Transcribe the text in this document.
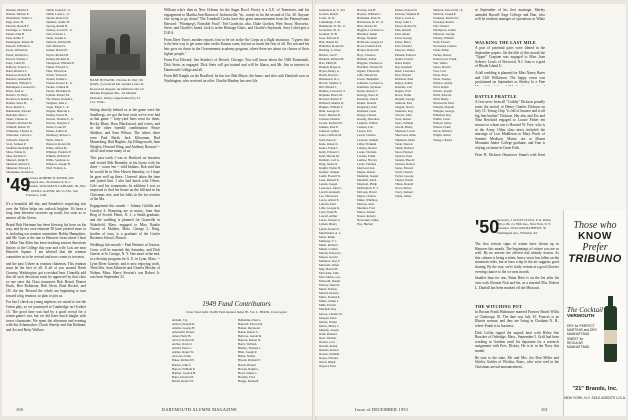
Nieman, Martin S.
Ransen, Herbert E.
Oberleitner, Walter J.
Page, Peter H.
Parsons, Russell F.
Partridge, C. Warren
Patten, John H.
Paul, Arthur F.
Pennington, Robert H.
Petzold, William G.
Poole, William R.
Porter, Richard G.
Powell, Stanley J.
Pretz, Curtis H.
Rafferty, Francis J.
Rand, Richard S.
Rateaver, Robert B.
Reichert, Kenneth E.
Reinhard, William T.
Remington, Leonard D.
Ritter, John A.
Roberts, W. Hoyt
Rockwood, Robert A.
Rollins, Peter H.
Ross, Robert L.
Rubenstein, Edward
Rudolph, Max C.
Sands, Charles A.
Schaefer, Richard M.
Schmidt, Robert W.
Schneider, Charles G.
Schroeder, Carlton J.
Schwartz, Peter H.
Scott, Samuel P.
Seidman, Rudolph M.
Shaw, Walter D.
Shea, Richard C.
Shepard, Ralph E.
Sherman, Robert F.
Shipman, Edward L.
Shoemaker, Roland A.
Smith, Joseph F., Jr.
Smith, Louis C., Jr.
Snyder, Robert W.
Spindler, Arthur H.
Sprong, Rollin H.
Stanley, Lovell E., Jr.
Starr, Edward J.
Stone, Joseph A.
Sullivan, Richard B.
Taft, Michael S.
Tanner, Harold E.
Taylor, Richard B.
Tenney, Richard R.
Thompson, William B.
Tinker, Edward S.
Titus, Edward A.
Tollett, Warren F.
Tondel, Daniel L.
Trainer, Robert E., Jr.
Tucker, Clinton B.
Turner, Mortimer R.
Upham, Robert M.
Van Dusen, Donald L.
Vaughan, John C.
Vogel, Edgar J., Jr.
Wagner, Bertram L.
Walker, David H.
Warren, Thomas F., Jr.
Watson, Douglas T.
Weber, Louis H.
Weeks, Arthur R.
Weinberg, Robert L.
Wells, John F.
Westcott, Robert M.
White, Alfred M.
Whitney, Frederic P.
Wilkins, Richard P.
Willis, Seymour A.
Winslow, Joseph H.
Wolf, Stanley A.
'49
Secretary, ROBERT H. ZEISER, 630 Arlington Ave., Providence 8, R. I.
Treasurer, WILLIAM H. LAPRADE, JR., Box 27, 10th R.C.A.AFSD, 4th c/o F.M., San Francisco, Calif.
It's a beautiful fall day, and Saunders's surprising win over the Yalies helps our outlook brighter. It's been a long time between victories up north, but soon as to answer all the Green.
Brutal Bob Hartman has been blowing his horn on his way, and by my own estimate I'll have pitched more to it, including our reunion committee, Bobby Hampshire, and Mr. Gaas is the one to Hanover from where I hear it. Mike Van Allen has been teaching eastern American history at the College this year and wife Lois are near Hanover Square. I am advised that the reunion committee as to be revised and now comes to ten men.
and the past 3 three as reunion chairman. This reunion must be the best of all. If all of you around North Country, Washington, got a residual hear, I handily add this all such devotions must be approved by that class or one rates the Class treasurers Bob Heard, Homer Hook, Bert Robinson, Bob Alvin, Brad Rockel, and J.B. the ten. Reward the whole are beginning to turn toward a big reunion, so plan to join us.
For last I check on young nephews we raised to see the Green play, so we journeyed to Cambridge on October 13. The good time was had by a good crowd for a return game's not, but we did have much laughs with tower classmates. We spent the afternoon and evening with Stu Schumacher, Chuck Sheedy and Sue Redman, and Art and Betty Wallace.
BASE IN BANK: Charles D. Day '49 (DAY, c) received his captain's bars in Korea last August. At behind is the 1st Marine Engineer Bn., 1st Marine Division, being congratulated by Lt. Col. Wilk...
Sitting directly behind us at the game were the Sandbergs, we got the best seats we've ever had at that game -- forty-yard lines went for them: Rocky Blaze, Ross Blackwood, and wives; and in the other friendly combination: Bruce Sleddon, and Sam Wilson. The others there were Paul Barth, Jack Kilroanan, Bud Mannsberg, Bud Hughes, Jay Ellingsworth, Sam Wrigley, Howard Wing, and Anthony Rousuel -- all off and some many of us.
This past week I was in Hartford on business and visited Bob Barnathy at his house with his three -- count 'em -- wild Indians. Bob said that he would be in New Haven Saturday, so I hope he goes well up there. I haven't taken the time and joined him. I also had lunch with Oliver, Cole and his roommates. In addition I was so surprised to find his house on the hill and in his Christmas tree, and his folks in the far reaches of the Ma.
Engagement this month -- Johnny Griffith and Carolyn S. Brauning are to marry. Joan Ann Berg of Scotch Plains, N. J., a Smith graduate, and the wedding is planned for Granville in Wakefield, Mass. engaged to Miss Natalie Vasant of Malden, Mass. George L. Berg, brother of ours, is a graduate of the Cooler Business School, Boston.
Weddings this month -- Paul Bertinie of Astoria, Conn. will be married this Saturday, and Dick Garrett at St. George, N. Y. One more at the end, to a divinity program for G. E. in Lynn, Mass. -- Lynn River Gazette, and is now enjoying work. Then Mrs. Jean Albrecht and Charles Mosley of Waban, Mass. Harry Stewart's son Robert Jr. was born September 23.
William who's then in New Orleans for the Sugar Bowl. Frosty is a G.E. of Tennessee, and his engagement to Martha Ann Burton of Jacksonville, Va., comes in for the second of Oct. 20. Anyone else trying to go down? The Trumbull Cooks have this great announcement from the Pennsylvania Harvard: "Winnipeg's Noteable Fruit". Ted Goodwin, also, Duke Gordon, Weir Snow, Horowitz, Steve, and Charlie's friend. Jack is in the Heritage Clinic, and Charlie's Saybrook. Jerry Lobel gets a D.B.A.
From Dave Tuyet, another reports, four to be set in the Air Corps as a flight instructor. "I guess this is the best way to get some time on the Kansas coast, but not so much the first of all. The son and his heir goes on down in the Governments academy program, where there are about six classes of their fighter people."
From Eva Edward, Jim Stanley's of Bristol, Chicago: You will know about the 1948 Dartmouth, Dick Stein, as engaged. Dick Stein will get trained and will be Ithaca, and Mr. Jim in interest in Dartmouth College and all.
From Bill Knight on his Bradford, he has two Bob Mayer, the home, and also with Danforth now in Washington, who received an offer. Charlie Mankey has new life.
1949 Fund Contributors
Class Total Gifts 16,465 Participation Index 85. Vol. L. HOOK, Class Agent
Abdaill, J.Q.
Abbott, Donald K.
Adams, George H.
Albertanti, Robert
Allen, Harry B.
Alvord, Robert B.
Archer, David J.
Arnold, Peter L.
Ashley, Roger W.
Atwood, Frank
Baker, Richard H.
Barnes, John T.
Barrett, William P.
Bartlett, Gordon H.
Bates, Donald M.
Beach, Robert W.
Ballantine, Paul L.
Banwell, Edward R.
Barker, Raymond
Baum, Robert C.
Bellows, Gerald D.
Benson, Robert D.
Berry, William
Bishop, Thomas J.
Blair, Joseph P.
Blake, Sidney
Bloom, Richard F.
Booth, Harold
Bowen, Ralph L.
Boyd, James C.
Bradley, Fred
Briggs, Kenneth
100	DARTMOUTH ALUMNI MAGAZINE
Gubbrand, R. T., 3rd
Gordon, Robert
Crane, W. D.
Cummings, T. M.
Hammond, W. M., Jr.
Grossman, M. Jr.
Gorman, W. B.
Goss, Edward P.
Hall, Daniel M.
Hamilton, Robert K.
Harding, A. Eben
Harlow, Joel F.
Harmon, Richard B.
Hart, Philip B.
Haskell, Roger A.
Hayes, Henry G.
Heath, David C.
Henderson, R. L.
Hewitt, Sumner S.
Hill, Harold J.
Holmes, Lawrence T.
Hopkins, Bruce M.
Howard, Robert E.
Hubbard, Martin W.
Hughes, William F.
Hunt, George D.
Irwin, Thomas R.
Jackson, Donald
Jacobs, Richard H.
Jenkins, Paul E.
Johnson, Arthur
Jones, Clifford M.
Judd, Peter K.
Kane, Robert L.
Keller, Frank J.
Kelly, Edward J.
Kent, Harold M.
Kimball, Carl A.
King, Stuart O.
Knight, Walter H.
Kramer, Samuel
Lamb, Everett W.
Lane, Russell P.
Larkin, Joseph
Lawrence, John C.
Leavitt, Kenneth
Lee, Sherwood
Lewis, Albert E.
Lincoln, Paul
Little, George R.
Lord, Frank B.
Lowell, Arthur
Lucas, Vernon G.
Lyman, Henry
Lynch, Robert F.
MacDonald, A. L.
Mack, Ralph
Mahoney, T. J.
Mann, Richard
Marsh, Carlton
Martin, Edward L.
Mason, Gerald
Mathews, Roy F.
Maxwell, James
May, Harold B.
McCarthy, John
McCormick, Leo
McGrath, Daniel
McKay, Duncan
Mead, Stanley
Merrill, Donald
Miles, Frederick
Miller, Arthur J.
Mills, Everett
Mitchell, Ray
Moore, Charles W.
Morgan, Peter
Morris, Walter
Morse, Henry L.
Murphy, Joseph
Nash, Richard
Neal, Thomas
Nelson, Carl
Newell, Arthur
Nichols, Robert
Norton, William
Noyes, Edward
Olson, Ralph
Osgood, Paul
Hawley, Jon B.
Haynes, William C.
Heitmann, Peter N.
Henderson, D. W., Jr.
Hess, Robert M.
Higgins, Lawrence G.
Hinckley, Ralph
Hodge, Stephen
Holbrook, George O.
Hood, Frederick M.
Horner, Robert B.
Hoyt, Clarence
Hubbell, Arthur
Huggins, Thomas G.
Hutchins, Warren H.
Ingalls, Edward R.
Jaffe, Harold M.
Jewett, Benjamin
Johnston, Leonard A.
Kaufman, Seymour
Keene, Robert C.
Kellogg, Peter D.
Kennedy, John F.
Kidder, Donald
Kingsbury, Paul
Kirkland, Gene
Knapp, Chester
Koenig, Theodore
Lambert, Wilbur
Landon, Carl
Larsen, Eric
Leach, Charles
Leonard, Samuel
Libby, Franklin
Lindsay, Robert
Locke, Norman
Loomis, Frank
Ludlow, Harvey
Lyons, Thomas
MacLeod, Ian
Magee, Robert
Manning, Joseph
Marshall, Allan
Maynard, Philip
McDermott, E. J.
McLean, David
Meyer, Charles
Miner, Winthrop
Monroe, Alan
Moulton, Fred
Munro, Robert
Nason, Roland
Newcomb, James
Nye, Herbert
Parker, Everett N.
Parsons, Stephen B.
Pearce, Leon G.
Perry, John C.
Pierce, Robert W.
Pike, Russell
Platt, Albert
Pond, George
Potter, Harry
Pratt, Donald
Prescott, Walter
Putnam, Edward
Quinn, Francis
Rand, Ralph
Ray, Kenneth
Reed, Lawrence
Rice, Harold
Richards, Paul
Ripley, Arthur
Robbins, Carl
Rogers, Fred
Rowe, Frank
Russell, George
Sanborn, Earl
Sargent, David
Saunders, Roy
Sawyer, John
Scott, Robert
Sears, William
Sewall, Henry
Shattuck, Lewis
Sherwood, Allen
Simmons, Dean
Slade, Warren
Smith, Richard
Snow, Herbert
Spencer, Paul
Stearns, Harold
Stevens, Robert
Stone, Edward
Swift, Charles
Taylor, George
Thayer, Ernest
Tilton, Donald
Tower, Bruce
Tracy, Samuel
Tuttle, James
Sullivan, Edward M., Jr.
Sullivan, Joseph P.
Swanson, Richard G.
Sweeney, Robert
Taft, Donald
Thompson, Arthur
Thurston, George
Tierney, William
Todd, Everett
Townsend, Charles
Trask, Philip
Tucker, Robert
Underwood, Frank
Vail, Walter
Vance, Harold
Vose, Carl
Wade, Peter
Waite, Stanley
Wallace, Arthur
Ward, Ralph
Warner, Joseph
Webb, Edward
Weld, Henry
Wentworth, Paul
Wheeler, Donald
Whipple, George
Whitman, Roy
Wilder, Louis
Willard, James
Wilson, Frank
Wood, Richard
Wright, Albert
Young, Charles
at September of his first marriage. Shirley attended Russell Sage College and Dan, who will be resident manager of operations at White
WALKING THE LAST MILE
A pair of potential pairs were filmed in the September papers. On the title of this month the "Upper" Crapone was engaged to Miss Joan Scherer. Lewis of Norwood, N.J. Joan is a grad of Rhode Island U.
A fall wedding is planned for Miss Nancy Bates and Cliff Wilkinson. The happy event was proclaimed on September as Shirley Jo a Fine
RATTLE PRATTLE
A first news from all "Crabby" Dickson proudly notes the arrival of Henry Charles Dickson on July 15. Young Chip "is full of bounce and is all big fine brother" Dickson. Her also and Erv and Nina Reichold engaged to Louise Fisher ten mosses to whom son is Howard W. Frye, who is at the Army. Other class news included the marriage of Lou Middleton to Mary Pinch of Sumner Medison, Maine, are at Mount Mountain Junior College graduate, and Tom is relying on home in Great Falls.
Peter B. Dickson (Sparrows Stuart) with Kent
'50
Secretary, J. SCOTT CLOLS, P. O. Walter Hill, p-86, c/o Fifth Ave., New York, N. Y.
Treasurer, WILLIAM MATHEWS, 50 Washington Ave., Williston, RI.
The first serious signs of winter have shown up in Hanover this month. The beginnings of winter you are as well. By no answer the offered real already season. As this column is being written, heavy snow has fallen on the mountain sides, but at least a nip in the air suggests good skating. By the way, we're fairly certain at a good Glovers evening chance to the ice next month.
Smaller than for one, Brian Brite is on the list after his own with Glennie Nott and his, as a married Mrs. Robert L. Dunhill has been marked off the Missouri.
THE WITCHING POT
In Boston Frank Hinkstone married Frances Beach Willis of Chattooga. Ill. The date was July 25. Frances is an Illinois woman, and they are living in Chatham N. H., where Frank is in business.
Dick Coffin ripped the nuptial knot with Helen Sue Boucker of Oxbridge, Mass., September 5. Griff had been working in Gardner until his departure for a research assignment with Pres. Dickey. He is in in the Navy this month.
Be sure to the state, Mr. and Mrs. Joe Don Miller and Shirley Gobles of Wichita, Kans., who were wed in the Christmas arrival announcement.
Those who
KNOW
Prefer
TRIBUNO
The Cocktail
VERMOUTH
DRY for PERFECT MARTINIS and DRY MANHATTANS. SWEET for REGULAR MANHATTANS.
"21" Brands, Inc.
NEW YORK, N.Y. SOLE AGENTS U.S.A.
Issue of DECEMBER 1953	101
